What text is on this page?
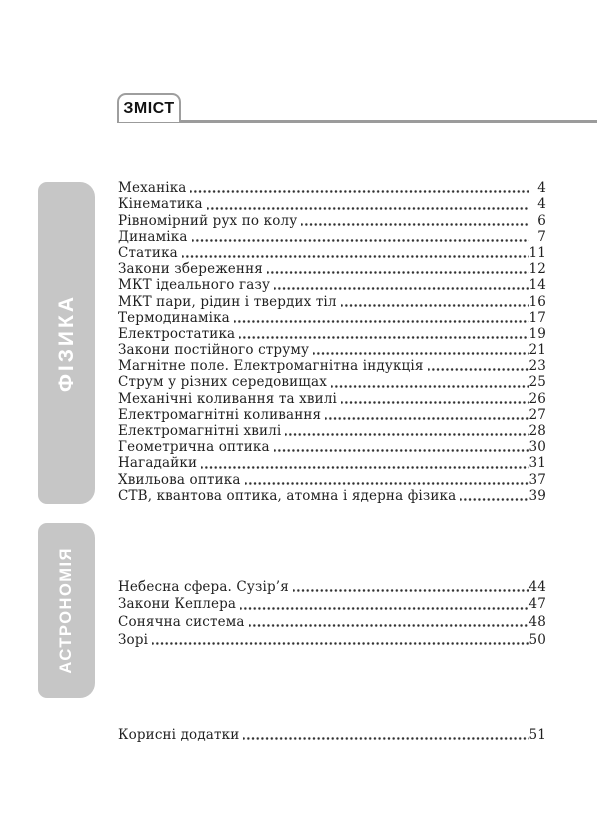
ЗМІСТ
ФІЗИКА
АСТРОНОМІЯ
Механіка	4
Кінематика	4
Рівномірний рух по колу	6
Динаміка	7
Статика	11
Закони збереження	12
МКТ ідеального газу	14
МКТ пари, рідин і твердих тіл	16
Термодинаміка	17
Електростатика	19
Закони постійного струму	21
Магнітне поле. Електромагнітна індукція	23
Струм у різних середовищах	25
Механічні коливання та хвилі	26
Електромагнітні коливання	27
Електромагнітні хвилі	28
Геометрична оптика	30
Нагадайки	31
Хвильова оптика	37
СТВ, квантова оптика, атомна і ядерна фізика	39
Небесна сфера. Сузір’я	44
Закони Кеплера	47
Сонячна система	48
Зорі	50
Корисні додатки	51
